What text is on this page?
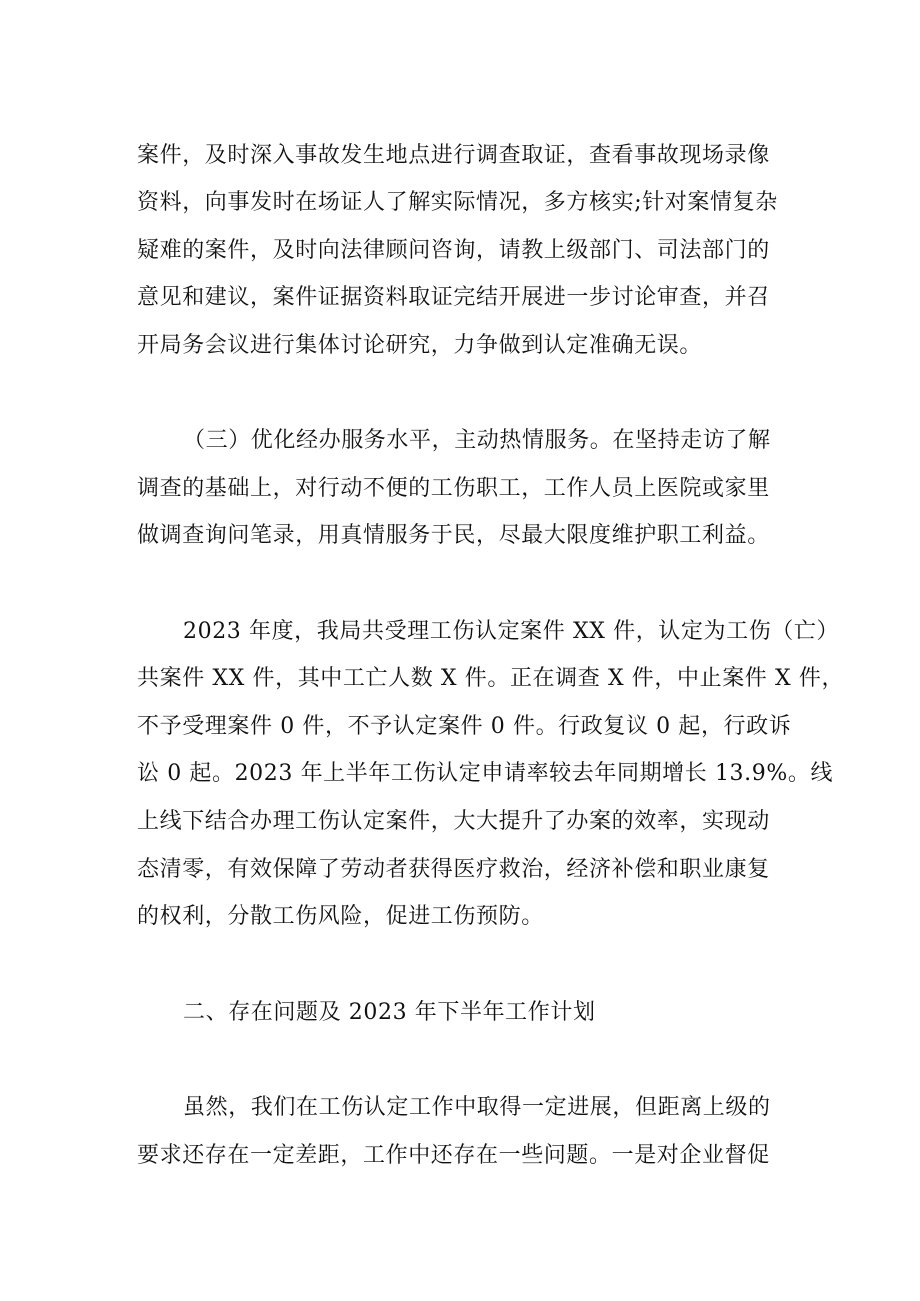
案件，及时深入事故发生地点进行调查取证，查看事故现场录像
资料，向事发时在场证人了解实际情况，多方核实;针对案情复杂
疑难的案件，及时向法律顾问咨询，请教上级部门、司法部门的
意见和建议，案件证据资料取证完结开展进一步讨论审查，并召
开局务会议进行集体讨论研究，力争做到认定准确无误。
（三）优化经办服务水平，主动热情服务。在坚持走访了解
调查的基础上，对行动不便的工伤职工，工作人员上医院或家里
做调查询问笔录，用真情服务于民，尽最大限度维护职工利益。
2023 年度，我局共受理工伤认定案件 XX 件，认定为工伤（亡）
共案件 XX 件，其中工亡人数 X 件。正在调查 X 件，中止案件 X 件，
不予受理案件 0 件，不予认定案件 0 件。行政复议 0 起，行政诉
讼 0 起。2023 年上半年工伤认定申请率较去年同期增长 13.9%。线
上线下结合办理工伤认定案件，大大提升了办案的效率，实现动
态清零，有效保障了劳动者获得医疗救治，经济补偿和职业康复
的权利，分散工伤风险，促进工伤预防。
二、存在问题及 2023 年下半年工作计划
虽然，我们在工伤认定工作中取得一定进展，但距离上级的
要求还存在一定差距，工作中还存在一些问题。一是对企业督促
